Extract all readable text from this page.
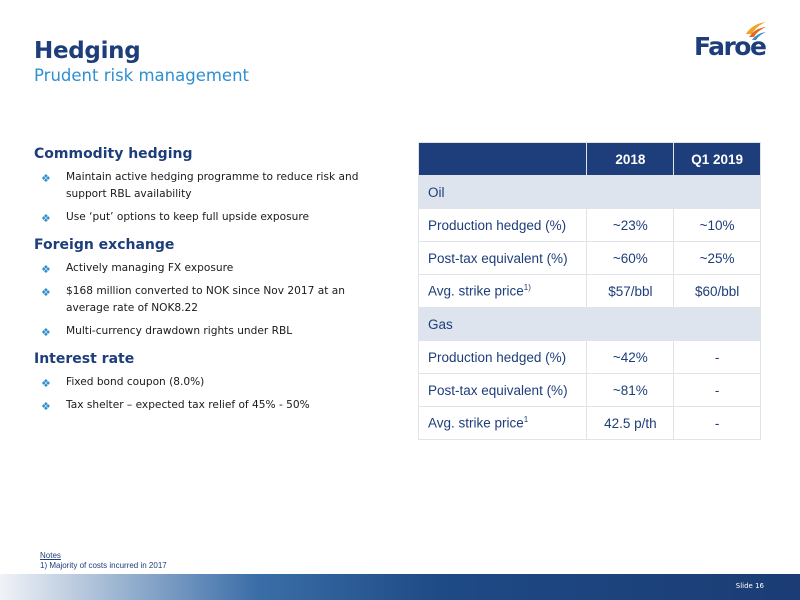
Hedging
Prudent risk management
Faroe
Commodity hedging
❖ Maintain active hedging programme to reduce risk and support RBL availability
❖ Use ‘put’ options to keep full upside exposure
Foreign exchange
❖ Actively managing FX exposure
❖ $168 million converted to NOK since Nov 2017 at an average rate of NOK8.22
❖ Multi-currency drawdown rights under RBL
Interest rate
❖ Fixed bond coupon (8.0%)
❖ Tax shelter – expected tax relief of 45% - 50%
	2018	Q1 2019
Oil		
Production hedged (%)	~23%	~10%
Post-tax equivalent (%)	~60%	~25%
Avg. strike price$^{1)}$	$57/bbl	$60/bbl
Gas		
Production hedged (%)	~42%	-
Post-tax equivalent (%)	~81%	-
Avg. strike price$^1$	42.5 p/th	-
Notes
1) Majority of costs incurred in 2017
Slide 16
